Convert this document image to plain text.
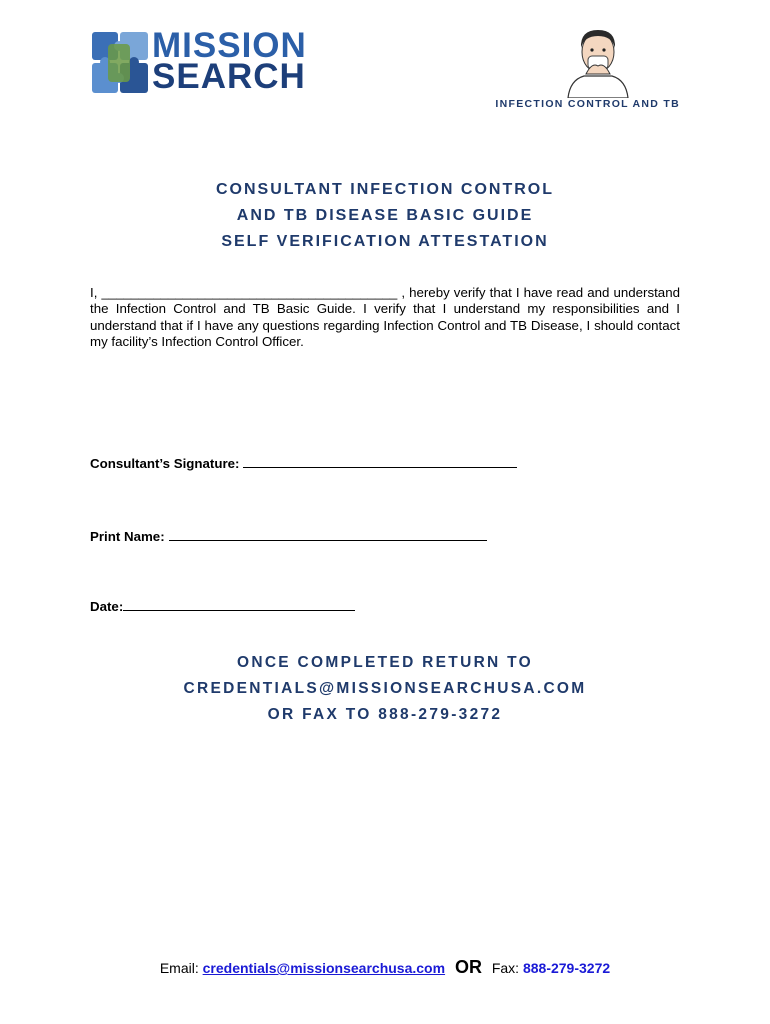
MISSION
SEARCH
INFECTION CONTROL AND TB
CONSULTANT INFECTION CONTROL
AND TB DISEASE BASIC GUIDE
SELF VERIFICATION ATTESTATION
I, ________________________________________ , hereby verify that I have read and understand the Infection Control and TB Basic Guide. I verify that I understand my responsibilities and I understand that if I have any questions regarding Infection Control and TB Disease, I should contact my facility’s Infection Control Officer.
Consultant’s Signature:
Print Name:
Date:
ONCE COMPLETED RETURN TO
CREDENTIALS@MISSIONSEARCHUSA.COM
OR FAX TO 888-279-3272
Email: credentials@missionsearchusa.com OR Fax: 888-279-3272
